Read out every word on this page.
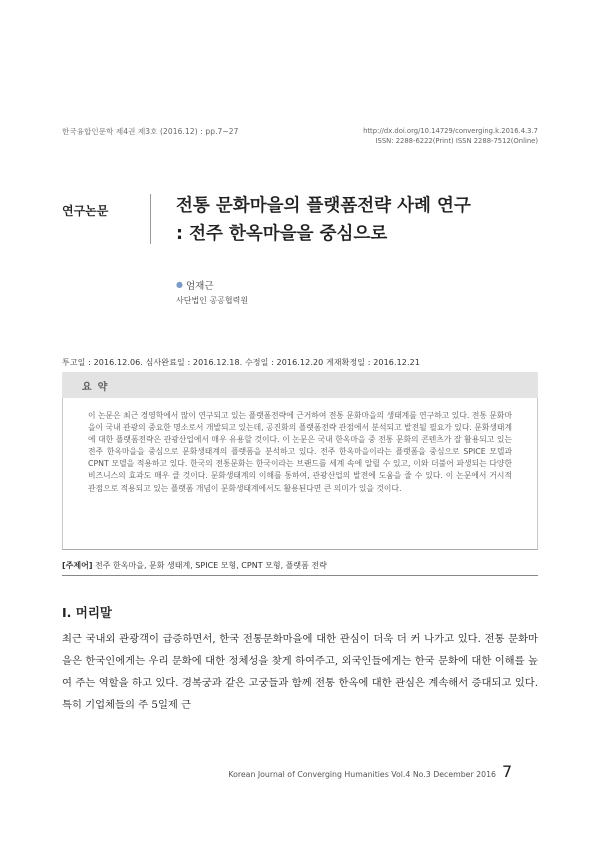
한국융합인문학 제4권 제3호 (2016.12) : pp.7~27	http://dx.doi.org/10.14729/converging.k.2016.4.3.7
ISSN: 2288-6222(Print) ISSN 2288-7512(Online)
연구논문	전통 문화마을의 플랫폼전략 사례 연구
: 전주 한옥마을을 중심으로
● 엄재근
사단법인 공공협력원
투고일 : 2016.12.06. 심사완료일 : 2016.12.18. 수정일 : 2016.12.20 게재확정일 : 2016.12.21
요약
이 논문은 최근 경영학에서 많이 연구되고 있는 플랫폼전략에 근거하여 전통 문화마을의 생태계를 연구하고 있다. 전통 문화마을이 국내 관광의 중요한 명소로서 개발되고 있는데, 공진화의 플랫폼전략 관점에서 분석되고 발전될 필요가 있다. 문화생태계에 대한 플랫폼전략은 관광산업에서 매우 유용할 것이다. 이 논문은 국내 한옥마을 중 전통 문화의 콘텐츠가 잘 활용되고 있는 전주 한옥마을을 중심으로 문화생태계의 플랫폼을 분석하고 있다. 전주 한옥마을이라는 플랫폼을 중심으로 SPICE 모델과 CPNT 모델을 적용하고 있다. 한국의 전통문화는 한국이라는 브랜드를 세계 속에 알릴 수 있고, 이와 더불어 파생되는 다양한 비즈니스의 효과도 매우 클 것이다. 문화생태계의 이해를 통하여, 관광산업의 발전에 도움을 줄 수 있다. 이 논문에서 거시적 관점으로 적용되고 있는 플랫폼 개념이 문화생태계에서도 활용된다면 큰 의미가 있을 것이다.
[주제어] 전주 한옥마을, 문화 생태계, SPICE 모형, CPNT 모형, 플랫폼 전략
Ⅰ. 머리말
최근 국내외 관광객이 급증하면서, 한국 전통문화마을에 대한 관심이 더욱 더 커 나가고 있다. 전통 문화마을은 한국인에게는 우리 문화에 대한 정체성을 찾게 하여주고, 외국인들에게는 한국 문화에 대한 이해를 높여 주는 역할을 하고 있다. 경복궁과 같은 고궁들과 함께 전통 한옥에 대한 관심은 계속해서 증대되고 있다. 특히 기업체들의 주 5일제 근
Korean Journal of Converging Humanities Vol.4 No.3 December 2016 7
